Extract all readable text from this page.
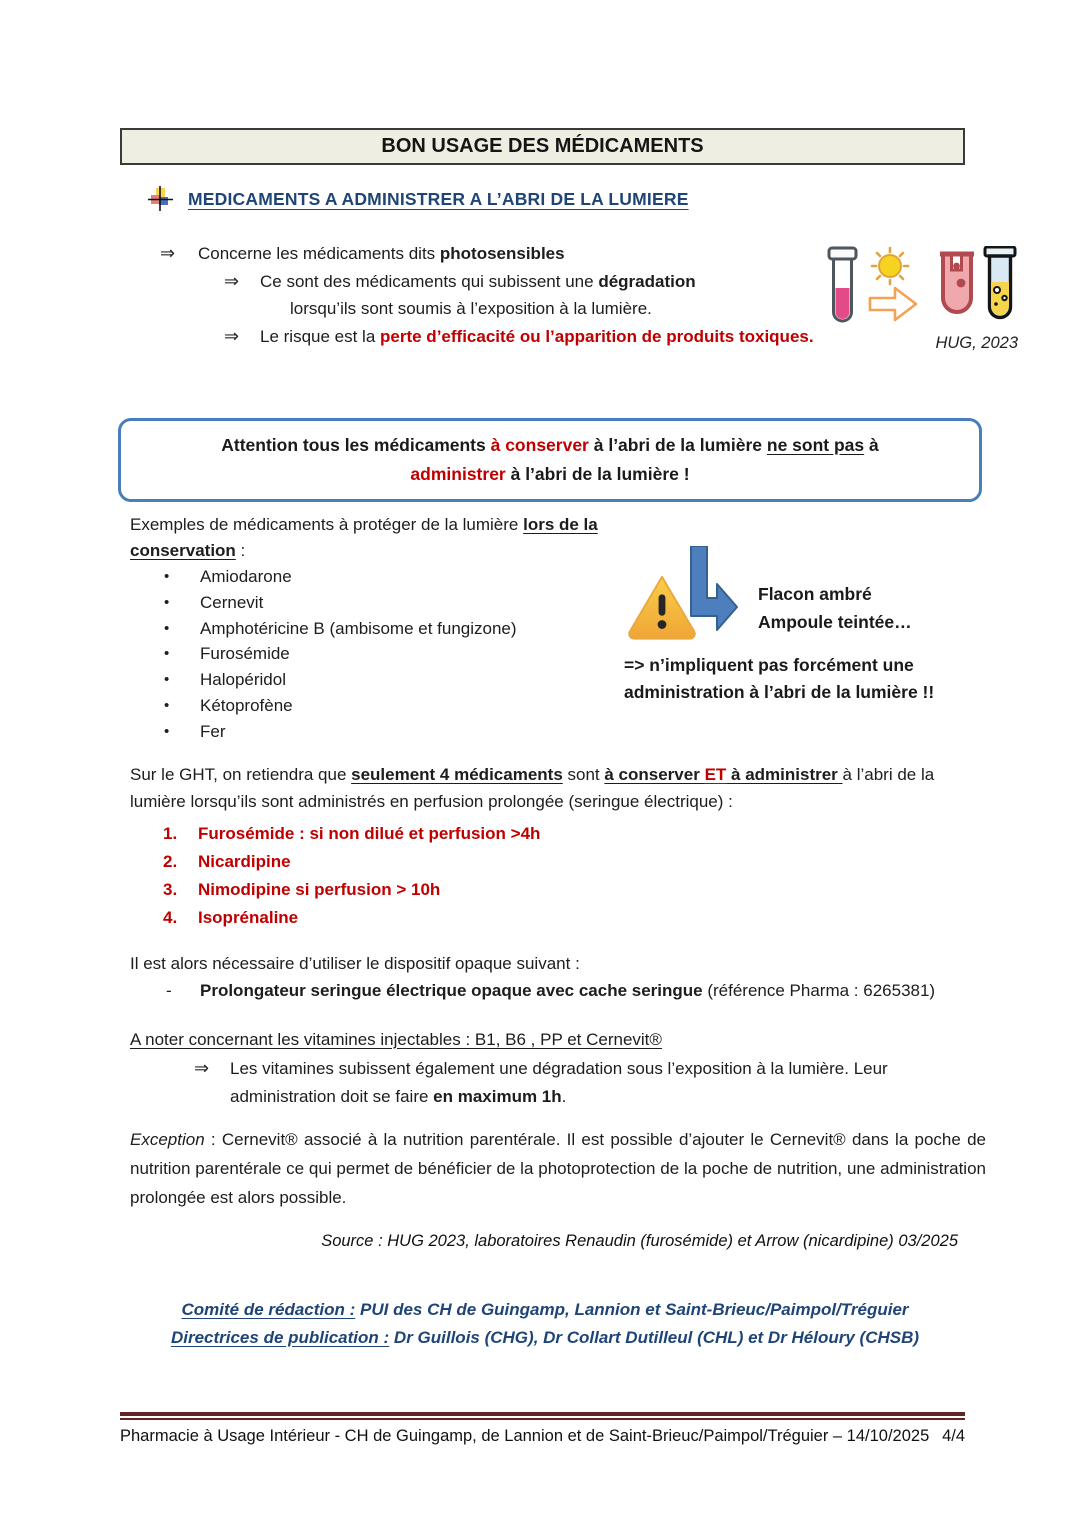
BON USAGE DES MÉDICAMENTS
MEDICAMENTS A ADMINISTRER A L’ABRI DE LA LUMIERE
⇒	Concerne les médicaments dits photosensibles
⇒	Ce sont des médicaments qui subissent une dégradation
lorsqu’ils sont soumis à l’exposition à la lumière.
⇒	Le risque est la perte d’efficacité ou l’apparition de produits toxiques.	HUG, 2023
Attention tous les médicaments à conserver à l’abri de la lumière ne sont pas à
administrer à l’abri de la lumière !
Exemples de médicaments à protéger de la lumière lors de la conservation :
•	Amiodarone
•	Cernevit
•	Amphotéricine B (ambisome et fungizone)
•	Furosémide
•	Halopéridol
•	Kétoprofène
•	Fer
Flacon ambré
Ampoule teintée…
=> n’impliquent pas forcément une administration à l’abri de la lumière !!
Sur le GHT, on retiendra que seulement 4 médicaments sont à conserver ET à administrer à l’abri de la lumière lorsqu’ils sont administrés en perfusion prolongée (seringue électrique) :
1.	Furosémide : si non dilué et perfusion >4h
2.	Nicardipine
3.	Nimodipine si perfusion > 10h
4.	Isoprénaline
Il est alors nécessaire d’utiliser le dispositif opaque suivant :
-	Prolongateur seringue électrique opaque avec cache seringue (référence Pharma : 6265381)
A noter concernant les vitamines injectables : B1, B6 , PP et Cernevit®
⇒	Les vitamines subissent également une dégradation sous l’exposition à la lumière. Leur administration doit se faire en maximum 1h.
Exception : Cernevit® associé à la nutrition parentérale. Il est possible d’ajouter le Cernevit® dans la poche de nutrition parentérale ce qui permet de bénéficier de la photoprotection de la poche de nutrition, une administration prolongée est alors possible.
Source : HUG 2023, laboratoires Renaudin (furosémide) et Arrow (nicardipine) 03/2025
Comité de rédaction : PUI des CH de Guingamp, Lannion et Saint-Brieuc/Paimpol/Tréguier
Directrices de publication : Dr Guillois (CHG), Dr Collart Dutilleul (CHL) et Dr Héloury (CHSB)
Pharmacie à Usage Intérieur - CH de Guingamp, de Lannion et de Saint-Brieuc/Paimpol/Tréguier – 14/10/2025 4/4
